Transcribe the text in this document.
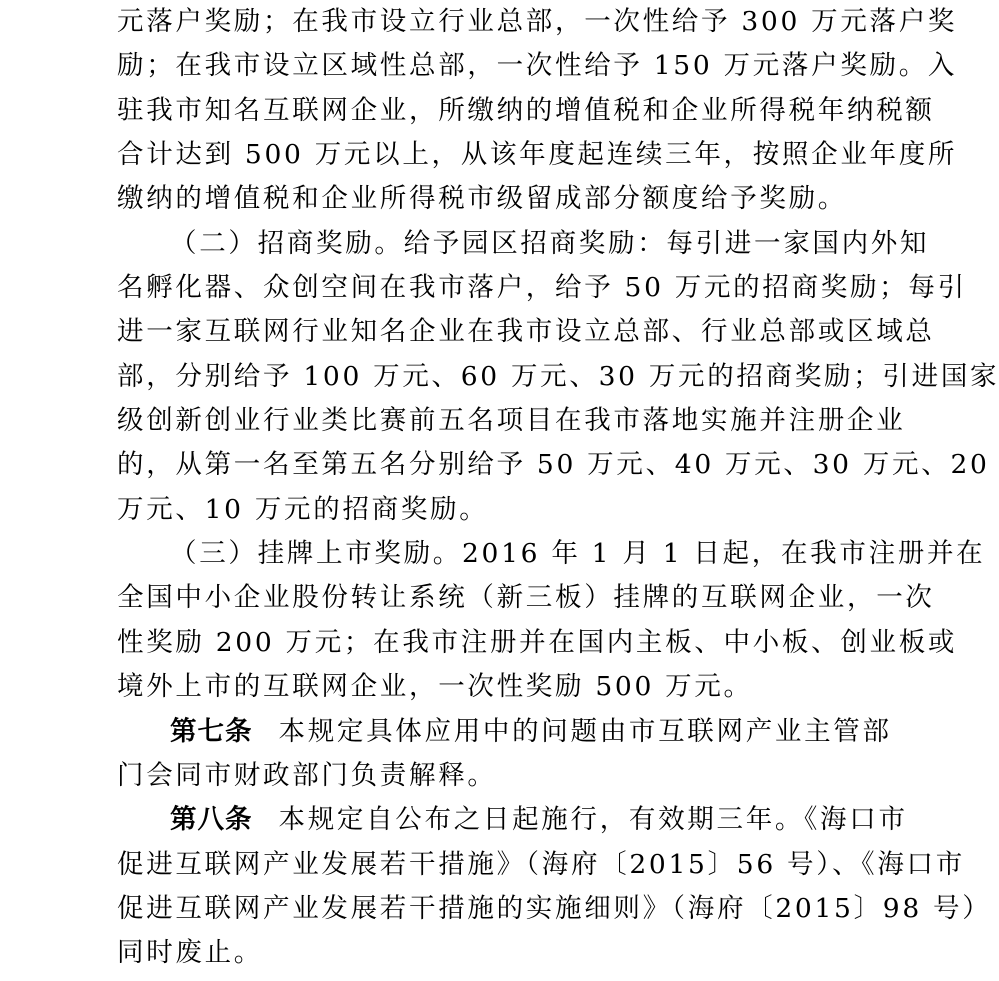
元落户奖励；在我市设立行业总部，一次性给予 300 万元落户奖
励；在我市设立区域性总部，一次性给予 150 万元落户奖励。入
驻我市知名互联网企业，所缴纳的增值税和企业所得税年纳税额
合计达到 500 万元以上，从该年度起连续三年，按照企业年度所
缴纳的增值税和企业所得税市级留成部分额度给予奖励。
（二）招商奖励。给予园区招商奖励：每引进一家国内外知
名孵化器、众创空间在我市落户，给予 50 万元的招商奖励；每引
进一家互联网行业知名企业在我市设立总部、行业总部或区域总
部，分别给予 100 万元、60 万元、30 万元的招商奖励；引进国家
级创新创业行业类比赛前五名项目在我市落地实施并注册企业
的，从第一名至第五名分别给予 50 万元、40 万元、30 万元、20
万元、10 万元的招商奖励。
（三）挂牌上市奖励。2016 年 1 月 1 日起，在我市注册并在
全国中小企业股份转让系统（新三板）挂牌的互联网企业，一次
性奖励 200 万元；在我市注册并在国内主板、中小板、创业板或
境外上市的互联网企业，一次性奖励 500 万元。
第七条 本规定具体应用中的问题由市互联网产业主管部
门会同市财政部门负责解释。
第八条 本规定自公布之日起施行，有效期三年。《海口市
促进互联网产业发展若干措施》（海府〔2015〕56 号）、《海口市
促进互联网产业发展若干措施的实施细则》（海府〔2015〕98 号）
同时废止。
